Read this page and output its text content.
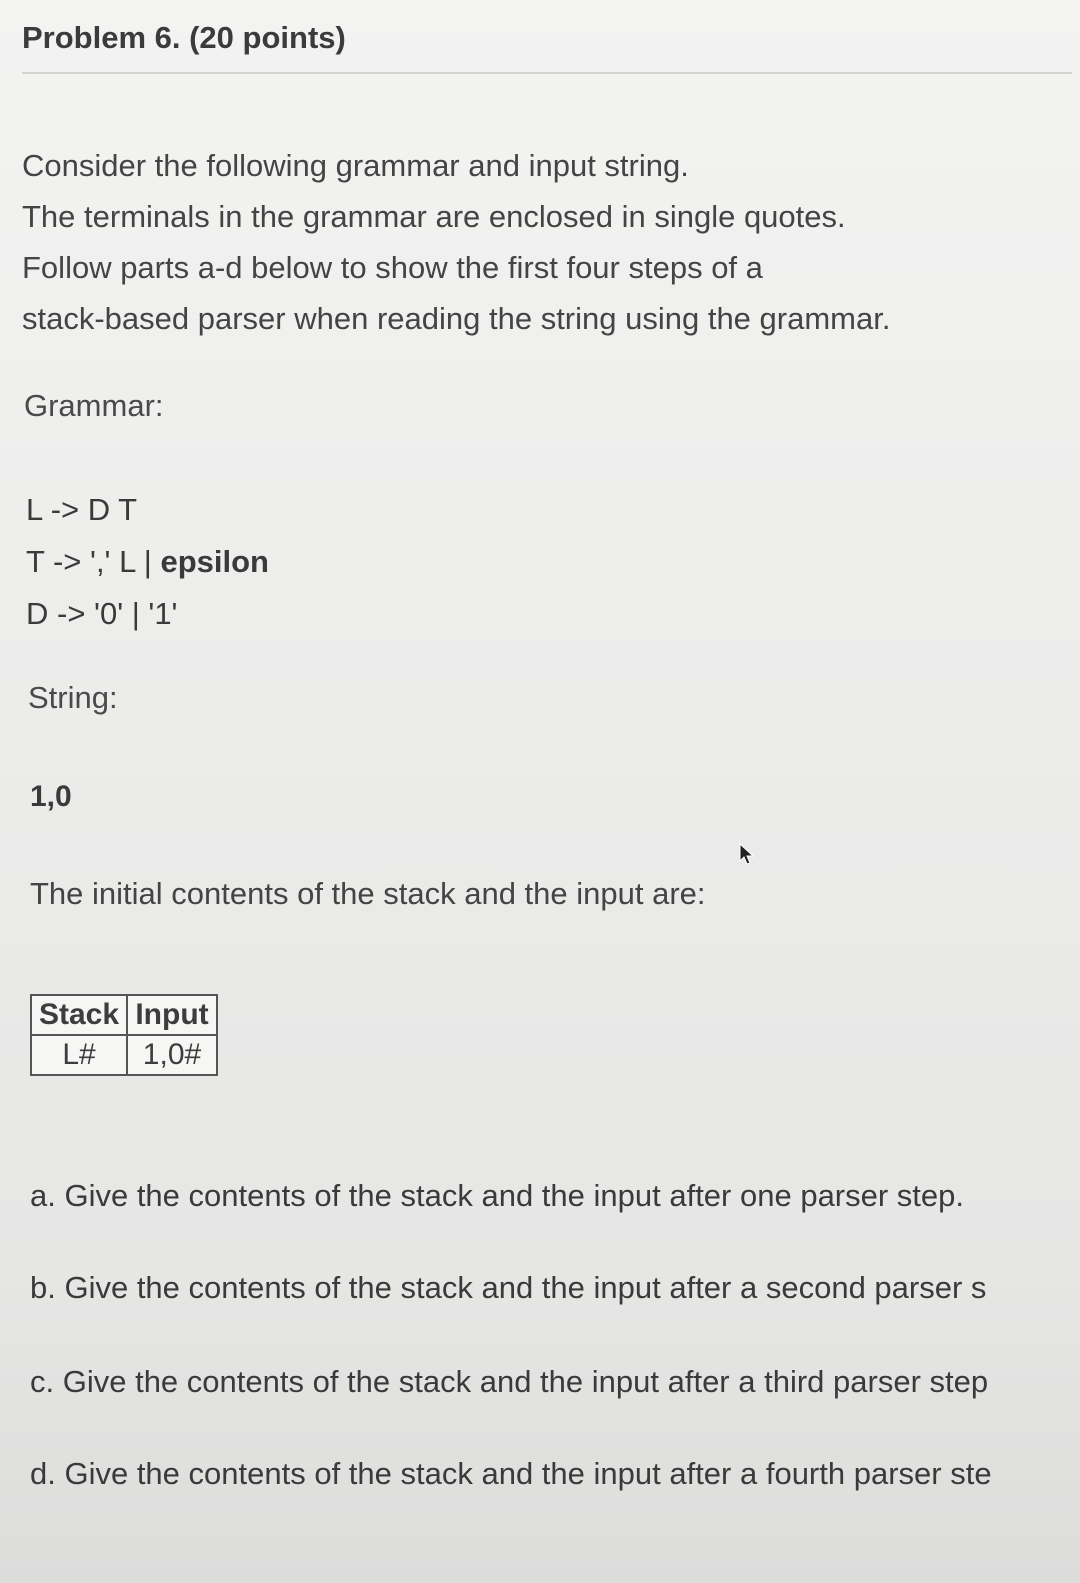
Problem 6. (20 points)
Consider the following grammar and input string.
The terminals in the grammar are enclosed in single quotes.
Follow parts a-d below to show the first four steps of a
stack-based parser when reading the string using the grammar.
Grammar:
L -> D T
T -> ',' L | epsilon
D -> '0' | '1'
String:
1,0
The initial contents of the stack and the input are:
Stack	Input
L#	1,0#
a. Give the contents of the stack and the input after one parser step.
b. Give the contents of the stack and the input after a second parser s
c. Give the contents of the stack and the input after a third parser step
d. Give the contents of the stack and the input after a fourth parser ste
